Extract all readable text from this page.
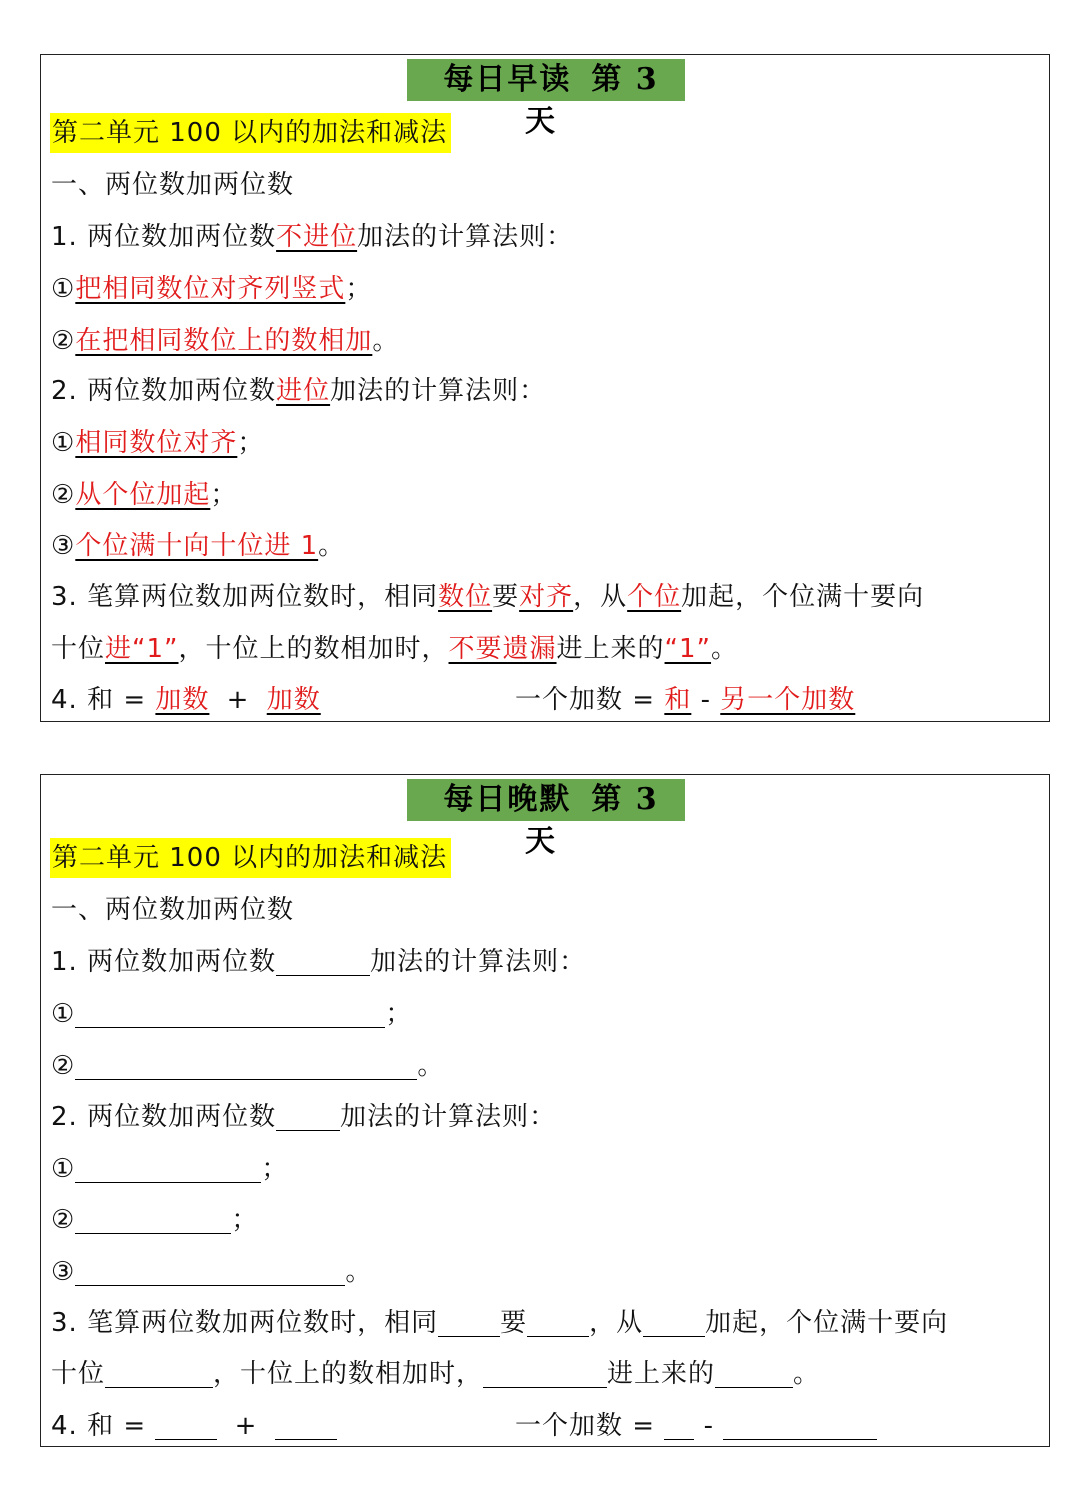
每日早读 第 3 天
第二单元 100 以内的加法和减法
一、两位数加两位数
1. 两位数加两位数不进位加法的计算法则：
①把相同数位对齐列竖式；
②在把相同数位上的数相加。
2. 两位数加两位数进位加法的计算法则：
①相同数位对齐；
②从个位加起；
③个位满十向十位进 1。
3. 笔算两位数加两位数时，相同数位要对齐，从个位加起，个位满十要向
十位进“1”，十位上的数相加时，不要遗漏进上来的“1”。
4. 和 = 加数 + 加数	一个加数 = 和 - 另一个加数
每日晚默 第 3 天
第二单元 100 以内的加法和减法
一、两位数加两位数
1. 两位数加两位数	加法的计算法则：
①	；
②	。
2. 两位数加两位数 加法的计算法则：
①	；
②	；
③	。
3. 笔算两位数加两位数时，相同 要 ，从 加起，个位满十要向
十位	，十位上的数相加时，	进上来的	。
4. 和 =	+	一个加数 = -
